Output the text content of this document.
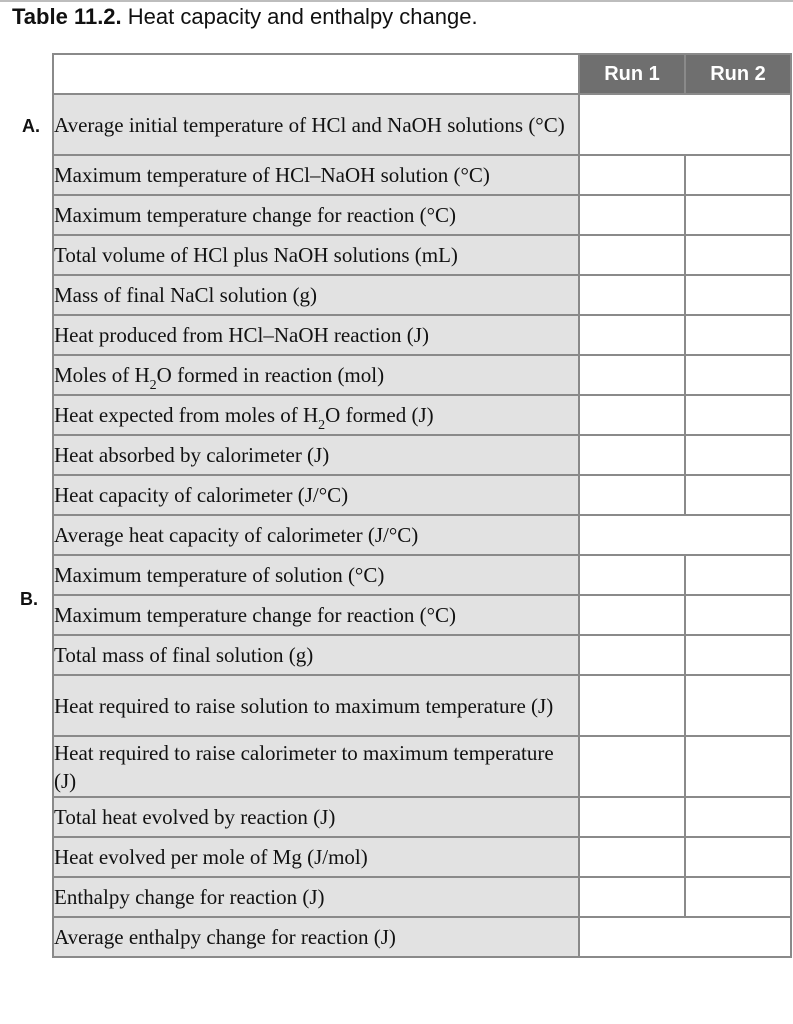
Table 11.2. Heat capacity and enthalpy change.
A.
B.
	Run 1	Run 2
Average initial temperature of HCl and NaOH solutions (°C)		
Maximum temperature of HCl–NaOH solution (°C)		
Maximum temperature change for reaction (°C)		
Total volume of HCl plus NaOH solutions (mL)		
Mass of final NaCl solution (g)		
Heat produced from HCl–NaOH reaction (J)		
Moles of $H_2O$ formed in reaction (mol)		
Heat expected from moles of $H_2O$ formed (J)		
Heat absorbed by calorimeter (J)		
Heat capacity of calorimeter (J/°C)		
Average heat capacity of calorimeter (J/°C)		
Maximum temperature of solution (°C)		
Maximum temperature change for reaction (°C)		
Total mass of final solution (g)		
Heat required to raise solution to maximum temperature (J)		
Heat required to raise calorimeter to maximum temperature (J)		
Total heat evolved by reaction (J)		
Heat evolved per mole of Mg (J/mol)		
Enthalpy change for reaction (J)		
Average enthalpy change for reaction (J)		
